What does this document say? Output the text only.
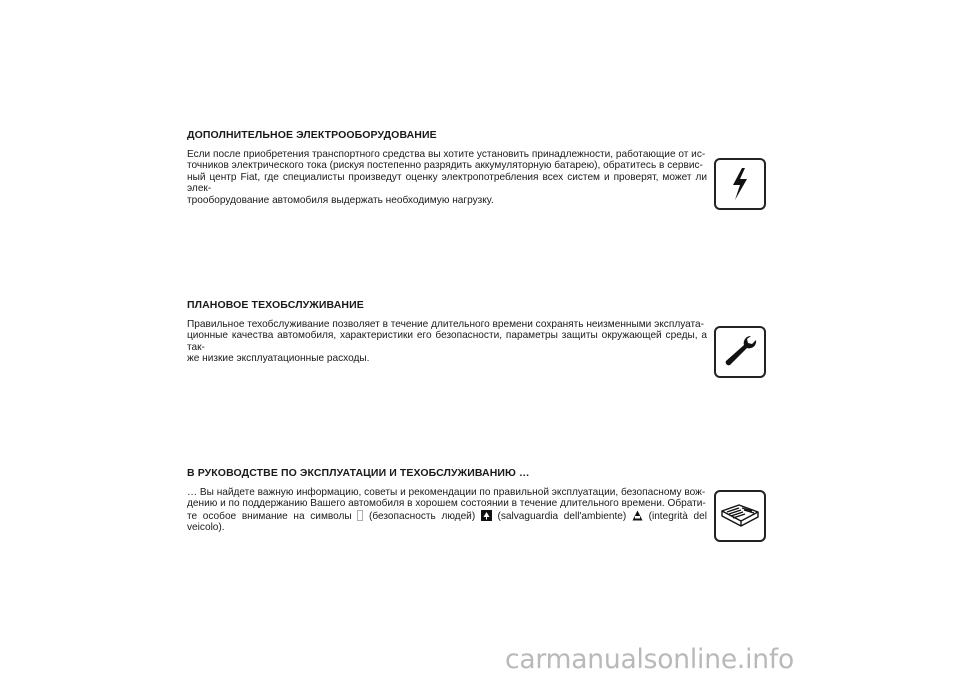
ДОПОЛНИТЕЛЬНОЕ ЭЛЕКТРООБОРУДОВАНИЕ

Если после приобретения транспортного средства вы хотите установить принадлежности, работающие от ис-
точников электрического тока (рискуя постепенно разрядить аккумуляторную батарею), обратитесь в сервис-
ный центр Fiat, где специалисты произведут оценку электропотребления всех систем и проверят, может ли элек-
трооборудование автомобиля выдержать необходимую нагрузку.

ПЛАНОВОЕ ТЕХОБСЛУЖИВАНИЕ

Правильное техобслуживание позволяет в течение длительного времени сохранять неизменными эксплуата-
ционные качества автомобиля, характеристики его безопасности, параметры защиты окружающей среды, а так-
же низкие эксплуатационные расходы.

В РУКОВОДСТВЕ ПО ЭКСПЛУАТАЦИИ И ТЕХОБСЛУЖИВАНИЮ …

… Вы найдете важную информацию, советы и рекомендации по правильной эксплуатации, безопасному вож-
дению и по поддержанию Вашего автомобиля в хорошем состоянии в течение длительного времени. Обрати-
те особое внимание на символы (безопасность людей) (salvaguardia dell'ambiente) (integrità del veicolo).

carmanualsonline.info
